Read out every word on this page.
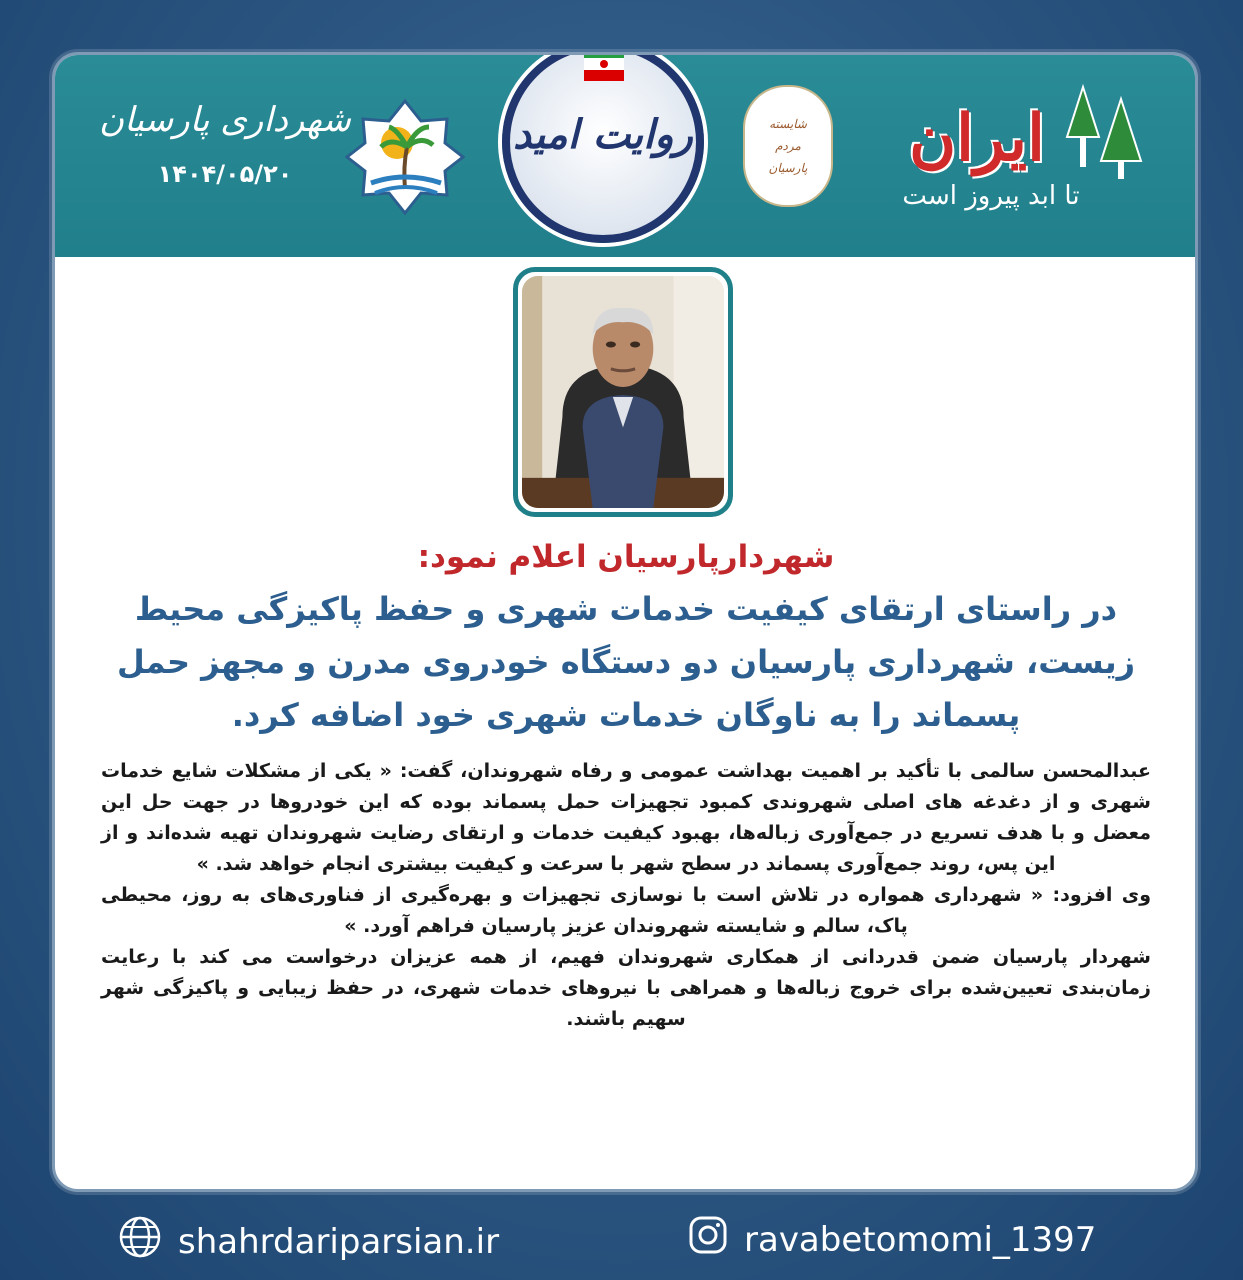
شهرداری پارسیان
۱۴۰۴/۰۵/۲۰
روایت امید	شایسته
مردم
پارسیان	ایران
تا ابد پیروز است
شهردارپارسیان اعلام نمود:
در راستای ارتقای کیفیت خدمات شهری و حفظ پاکیزگی محیط زیست، شهرداری پارسیان دو دستگاه خودروی مدرن و مجهز حمل پسماند را به ناوگان خدمات شهری خود اضافه کرد.

عبدالمحسن سالمی با تأکید بر اهمیت بهداشت عمومی و رفاه شهروندان، گفت: « یکی از مشکلات شایع خدمات شهری و از دغدغه های اصلی شهروندی کمبود تجهیزات حمل پسماند بوده که این خودروها در جهت حل این معضل و با هدف تسریع در جمع‌آوری زباله‌ها، بهبود کیفیت خدمات و ارتقای رضایت شهروندان تهیه شده‌اند و از این پس، روند جمع‌آوری پسماند در سطح شهر با سرعت و کیفیت بیشتری انجام خواهد شد. »

وی افزود: « شهرداری همواره در تلاش است با نوسازی تجهیزات و بهره‌گیری از فناوری‌های به روز، محیطی پاک، سالم و شایسته شهروندان عزیز پارسیان فراهم آورد. »

شهردار پارسیان ضمن قدردانی از همکاری شهروندان فهیم، از همه عزیزان درخواست می کند با رعایت زمان‌بندی تعیین‌شده برای خروج زباله‌ها و همراهی با نیروهای خدمات شهری، در حفظ زیبایی و پاکیزگی شهر سهیم باشند.

shahrdariparsian.ir	ravabetomomi_1397
